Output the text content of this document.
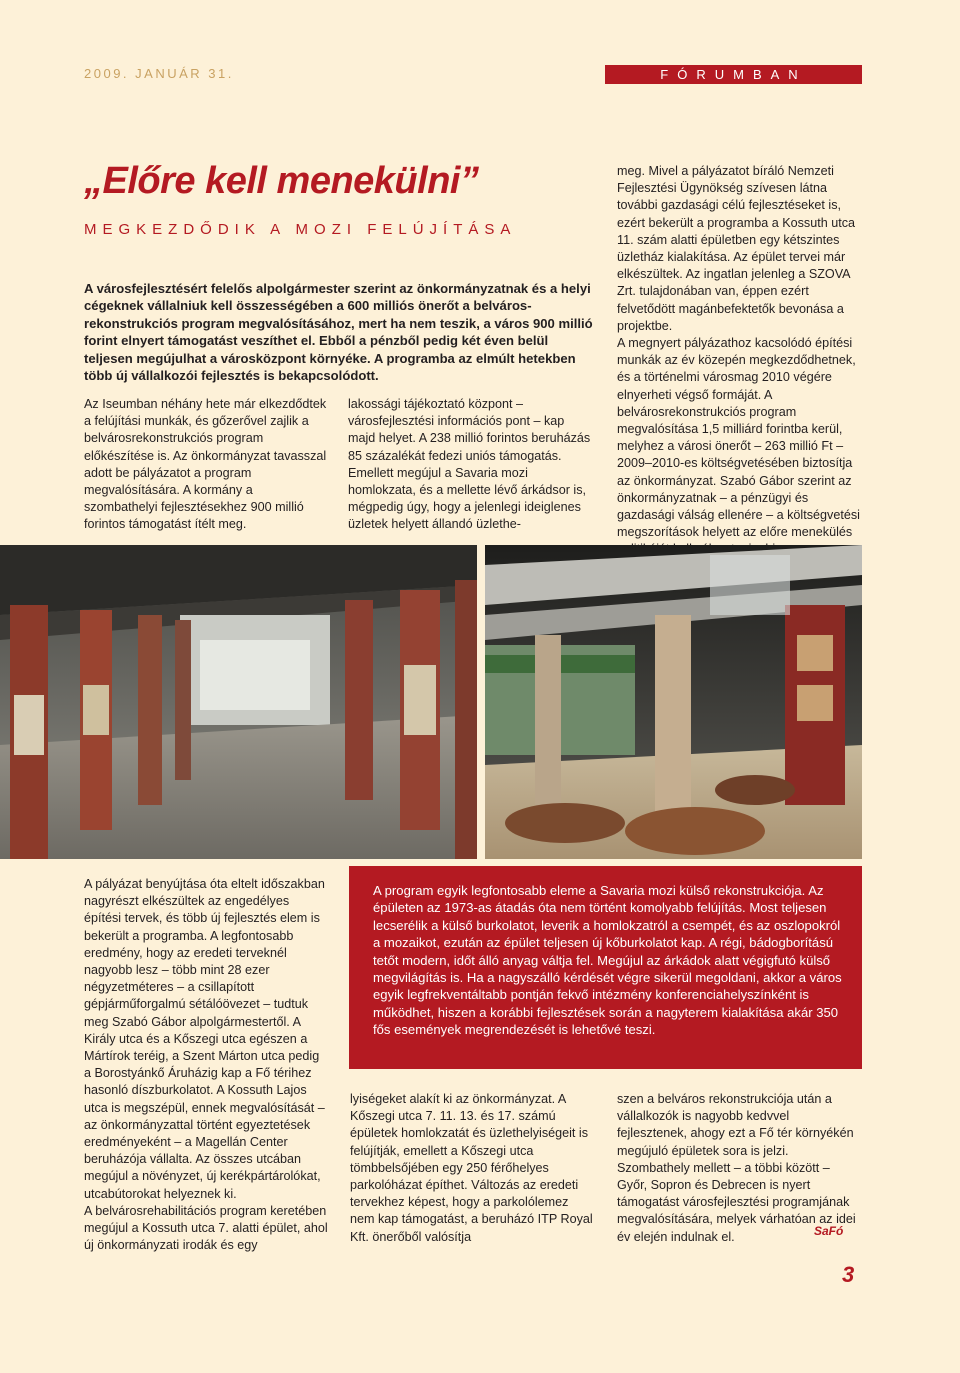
2009. JANUÁR 31.	FÓRUMBAN
„Előre kell menekülni”
MEGKEZDŐDIK A MOZI FELÚJÍTÁSA
A városfejlesztésért felelős alpolgármester szerint az önkormányzatnak és a helyi cégeknek vállalniuk kell összességében a 600 milliós önerőt a belváros-rekonstrukciós program megvalósításához, mert ha nem teszik, a város 900 millió forint elnyert támogatást veszíthet el. Ebből a pénzből pedig két éven belül teljesen megújulhat a városközpont környéke. A programba az elmúlt hetekben több új vállalkozói fejlesztés is bekapcsolódott.

Az Iseumban néhány hete már elkezdődtek a felújítási munkák, és gőzerővel zajlik a belvárosrekonstrukciós program előkészítése is. Az önkormányzat tavasszal adott be pályázatot a program megvalósítására. A kormány a szombathelyi fejlesztésekhez 900 millió forintos támogatást ítélt meg.

lakossági tájékoztató központ – városfejlesztési információs pont – kap majd helyet. A 238 millió forintos beruházás 85 százalékát fedezi uniós támogatás.

Emellett megújul a Savaria mozi homlokzata, és a mellette lévő árkádsor is, mégpedig úgy, hogy a jelenlegi ideiglenes üzletek helyett állandó üzlethe-

meg. Mivel a pályázatot bíráló Nemzeti Fejlesztési Ügynökség szívesen látna további gazdasági célú fejlesztéseket is, ezért bekerült a programba a Kossuth utca 11. szám alatti épületben egy kétszintes üzletház kialakítása. Az épület tervei már elkészültek. Az ingatlan jelenleg a SZOVA Zrt. tulajdonában van, éppen ezért felvetődött magánbefektetők bevonása a projektbe.

A megnyert pályázathoz kacsolódó építési munkák az év közepén megkezdődhetnek, és a történelmi városmag 2010 végére elnyerheti végső formáját. A belvárosrekonstrukciós program megvalósítása 1,5 milliárd forintba kerül, melyhez a városi önerőt – 263 millió Ft – 2009–2010-es költségvetésében biztosítja az önkormányzat. Szabó Gábor szerint az önkormányzatnak – a pénzügyi és gazdasági válság ellenére – a költségvetési megszorítások helyett az előre menekülés

A pályázat benyújtása óta eltelt időszakban nagyrészt elkészültek az engedélyes építési tervek, és több új fejlesztés elem is bekerült a programba. A legfontosabb eredmény, hogy az eredeti terveknél nagyobb lesz – több mint 28 ezer négyzetméteres – a csillapított gépjárműforgalmú sétálóövezet – tudtuk meg Szabó Gábor alpolgármestertől. A Király utca és a Kőszegi utca egészen a Mártírok teréig, a Szent Márton utca pedig a Borostyánkő Áruházig kap a Fő térihez hasonló díszburkolatot. A Kossuth Lajos utca is megszépül, ennek megvalósítását – az önkormányzattal történt egyeztetések eredményeként – a Magellán Center beruházója vállalta. Az összes utcában megújul a növényzet, új kerékpártárolókat, utcabútorokat helyeznek ki.

A belvárosrehabilitációs program keretében megújul a Kossuth utca 7. alatti épület, ahol új önkormányzati irodák és egy

A program egyik legfontosabb eleme a Savaria mozi külső rekonstrukciója. Az épületen az 1973-as átadás óta nem történt komolyabb felújítás. Most teljesen lecserélik a külső burkolatot, leverik a homlokzatról a csempét, és az oszlopokról a mozaikot, ezután az épület teljesen új kőburkolatot kap. A régi, bádogborítású tetőt modern, időt álló anyag váltja fel. Megújul az árkádok alatt végigfutó külső megvilágítás is. Ha a nagyszálló kérdését végre sikerül megoldani, akkor a város egyik legfrekventáltabb pontján fekvő intézmény konferenciahelyszínként is működhet, hiszen a korábbi fejlesztések során a nagyterem kialakítása akár 350 fős események megrendezését is lehetővé teszi.

lyiségeket alakít ki az önkormányzat. A Kőszegi utca 7. 11. 13. és 17. számú épületek homlokzatát és üzlethelyiségeit is felújítják, emellett a Kőszegi utca tömbbelsőjében egy 250 férőhelyes parkolóházat építhet. Változás az eredeti tervekhez képest, hogy a parkolólemez nem kap támogatást, a beruházó ITP Royal Kft. önerőből valósítja

szen a belváros rekonstrukciója után a vállalkozók is nagyobb kedvvel fejlesztenek, ahogy ezt a Fő tér környékén megújuló épületek sora is jelzi. Szombathely mellett – a többi között – Győr, Sopron és Debrecen is nyert támogatást városfejlesztési programjának megvalósítására, melyek várhatóan az idei év elején indulnak el.	SaFó
3
